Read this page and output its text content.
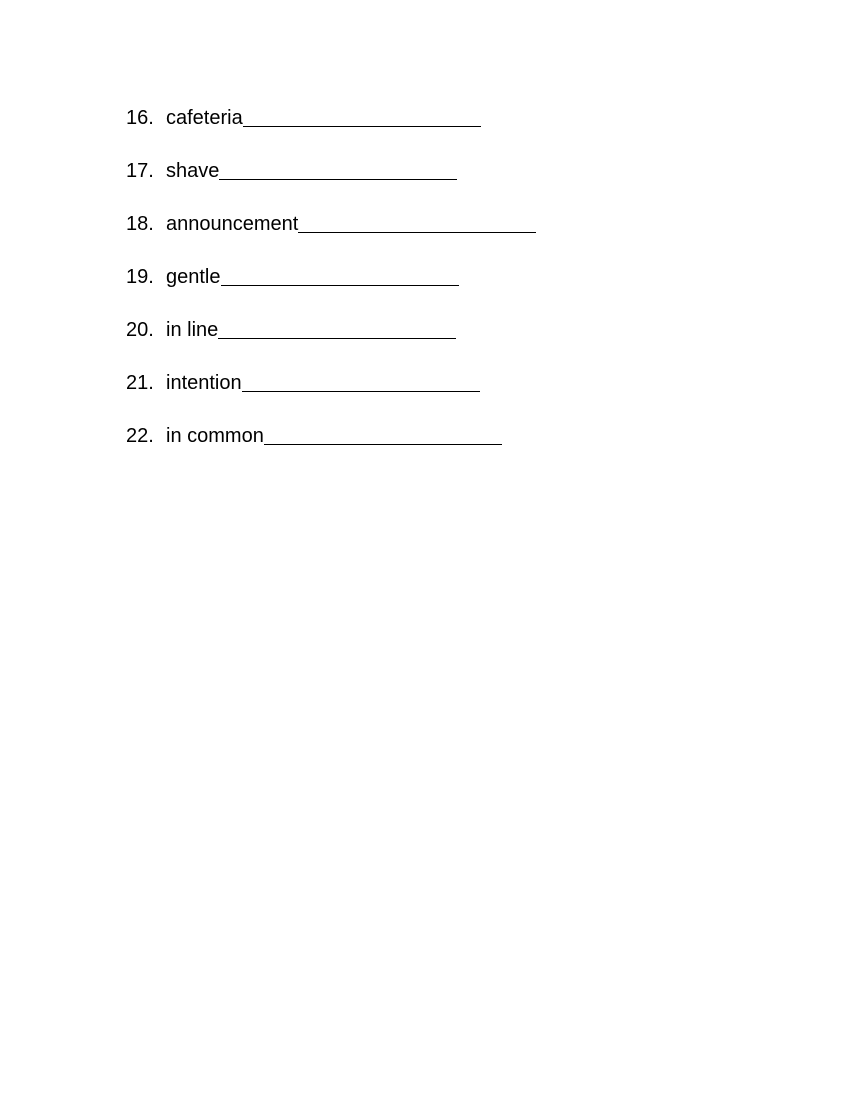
16. cafeteria
17. shave
18. announcement
19. gentle
20. in line
21. intention
22. in common
